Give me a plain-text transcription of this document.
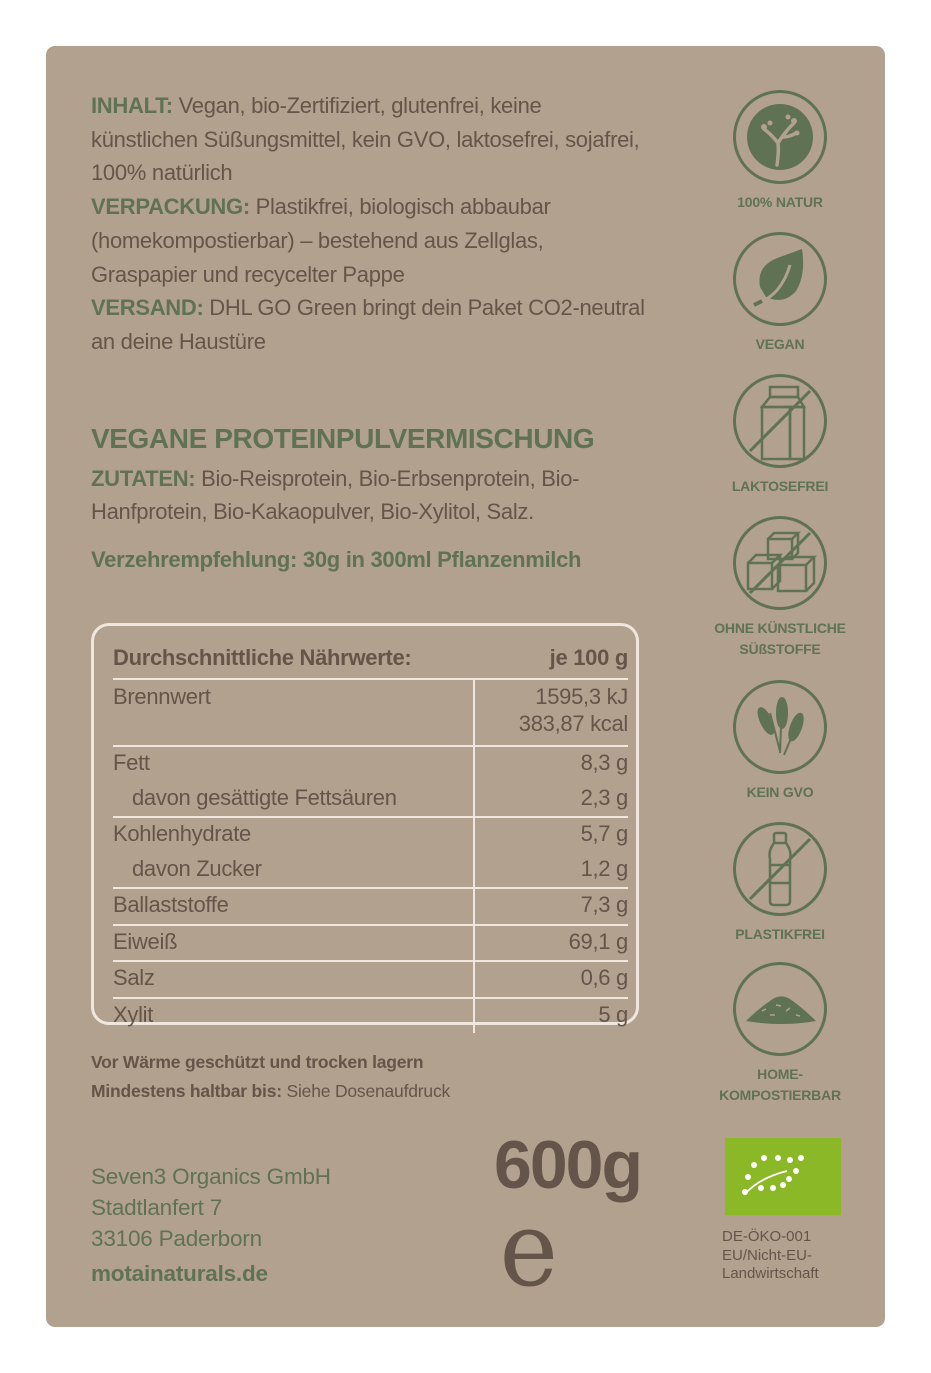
INHALT: Vegan, bio-Zertifiziert, glutenfrei, keine künstlichen Süßungsmittel, kein GVO, laktosefrei, sojafrei, 100% natürlich
VERPACKUNG: Plastikfrei, biologisch abbaubar (homekompostierbar) – bestehend aus Zellglas, Graspapier und recycelter Pappe
VERSAND: DHL GO Green bringt dein Paket CO2-neutral an deine Haustüre
VEGANE PROTEINPULVERMISCHUNG
ZUTATEN: Bio-Reisprotein, Bio-Erbsenprotein, Bio-Hanfprotein, Bio-Kakaopulver, Bio-Xylitol, Salz.
Verzehrempfehlung: 30g in 300ml Pflanzenmilch
Durchschnittliche Nährwerte: je 100 g	

Brennwert	1595,3 kJ
383,87 kcal
Fett	8,3 g
davon gesättigte Fettsäuren	2,3 g
Kohlenhydrate	5,7 g
davon Zucker	1,2 g
Ballaststoffe	7,3 g
Eiweiß	69,1 g
Salz	0,6 g
Xylit	5 g
Vor Wärme geschützt und trocken lagern
Mindestens haltbar bis: Siehe Dosenaufdruck
Seven3 Organics GmbH
Stadtlanfert 7
33106 Paderborn
motainaturals.de
600g
e
100% NATUR
VEGAN
LAKTOSEFREI
OHNE KÜNSTLICHE
SÜßSTOFFE
KEIN GVO
PLASTIKFREI
HOME-
KOMPOSTIERBAR
DE-ÖKO-001
EU/Nicht-EU-
Landwirtschaft
